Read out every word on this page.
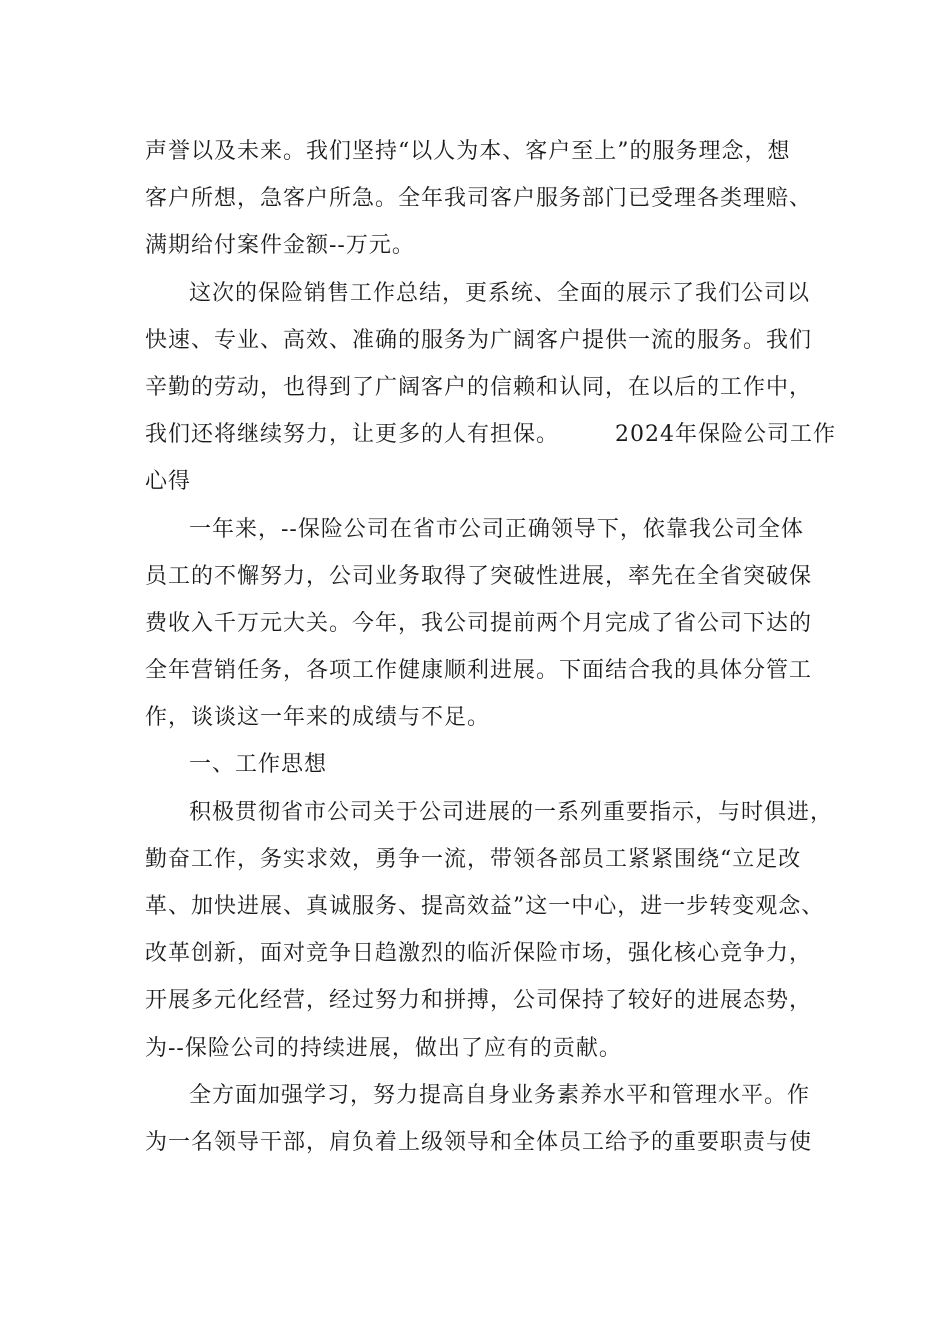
声誉以及未来。我们坚持“以人为本、客户至上”的服务理念，想
客户所想，急客户所急。全年我司客户服务部门已受理各类理赔、
满期给付案件金额--万元。
这次的保险销售工作总结，更系统、全面的展示了我们公司以
快速、专业、高效、准确的服务为广阔客户提供一流的服务。我们
辛勤的劳动，也得到了广阔客户的信赖和认同，在以后的工作中，
我们还将继续努力，让更多的人有担保。	2024年保险公司工作
心得
一年来，--保险公司在省市公司正确领导下，依靠我公司全体
员工的不懈努力，公司业务取得了突破性进展，率先在全省突破保
费收入千万元大关。今年，我公司提前两个月完成了省公司下达的
全年营销任务，各项工作健康顺利进展。下面结合我的具体分管工
作，谈谈这一年来的成绩与不足。
一、工作思想
积极贯彻省市公司关于公司进展的一系列重要指示，与时俱进，
勤奋工作，务实求效，勇争一流，带领各部员工紧紧围绕“立足改
革、加快进展、真诚服务、提高效益”这一中心，进一步转变观念、
改革创新，面对竞争日趋激烈的临沂保险市场，强化核心竞争力，
开展多元化经营，经过努力和拼搏，公司保持了较好的进展态势，
为--保险公司的持续进展，做出了应有的贡献。
全方面加强学习，努力提高自身业务素养水平和管理水平。作
为一名领导干部，肩负着上级领导和全体员工给予的重要职责与使
